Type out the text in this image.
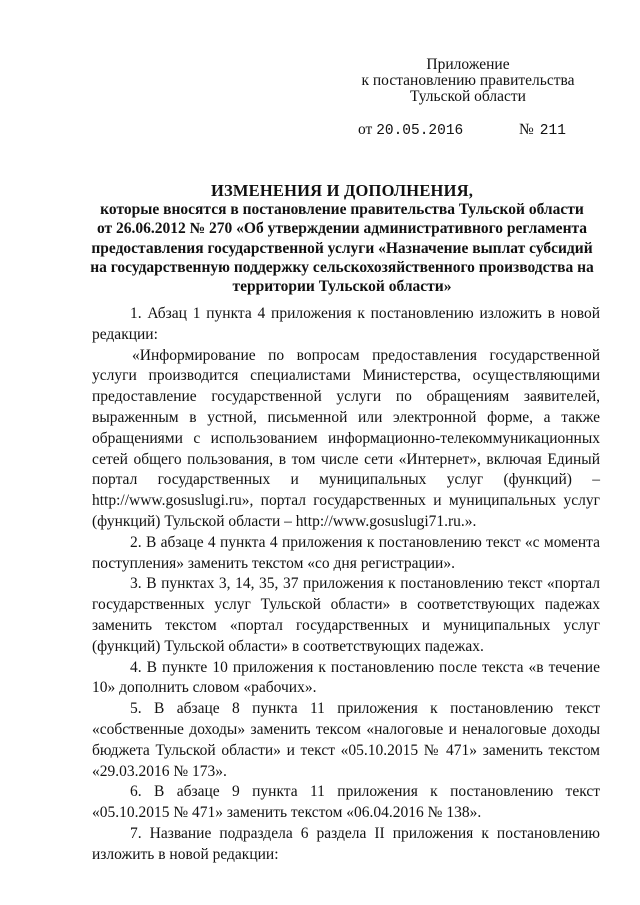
Приложение
к постановлению правительства
Тульской области
от 20.05.2016	№ 211
ИЗМЕНЕНИЯ И ДОПОЛНЕНИЯ,
которые вносятся в постановление правительства Тульской области
от 26.06.2012 № 270 «Об утверждении административного регламента
предоставления государственной услуги «Назначение выплат субсидий
на государственную поддержку сельскохозяйственного производства на
территории Тульской области»

1. Абзац 1 пункта 4 приложения к постановлению изложить в новой редакции:

«Информирование по вопросам предоставления государственной услуги производится специалистами Министерства, осуществляющими предоставление государственной услуги по обращениям заявителей, выраженным в устной, письменной или электронной форме, а также обращениями с использованием информационно-телекоммуникационных сетей общего пользования, в том числе сети «Интернет», включая Единый портал государственных и муниципальных услуг (функций) – http://www.gosuslugi.ru», портал государственных и муниципальных услуг (функций) Тульской области – http://www.gosuslugi71.ru.».

2. В абзаце 4 пункта 4 приложения к постановлению текст «с момента поступления» заменить текстом «со дня регистрации».

3. В пунктах 3, 14, 35, 37 приложения к постановлению текст «портал государственных услуг Тульской области» в соответствующих падежах заменить текстом «портал государственных и муниципальных услуг (функций) Тульской области» в соответствующих падежах.

4. В пункте 10 приложения к постановлению после текста «в течение 10» дополнить словом «рабочих».

5. В абзаце 8 пункта 11 приложения к постановлению текст «собственные доходы» заменить тексом «налоговые и неналоговые доходы бюджета Тульской области» и текст «05.10.2015 № 471» заменить текстом «29.03.2016 № 173».

6. В абзаце 9 пункта 11 приложения к постановлению текст «05.10.2015 № 471» заменить текстом «06.04.2016 № 138».

7. Название подраздела 6 раздела II приложения к постановлению изложить в новой редакции:
